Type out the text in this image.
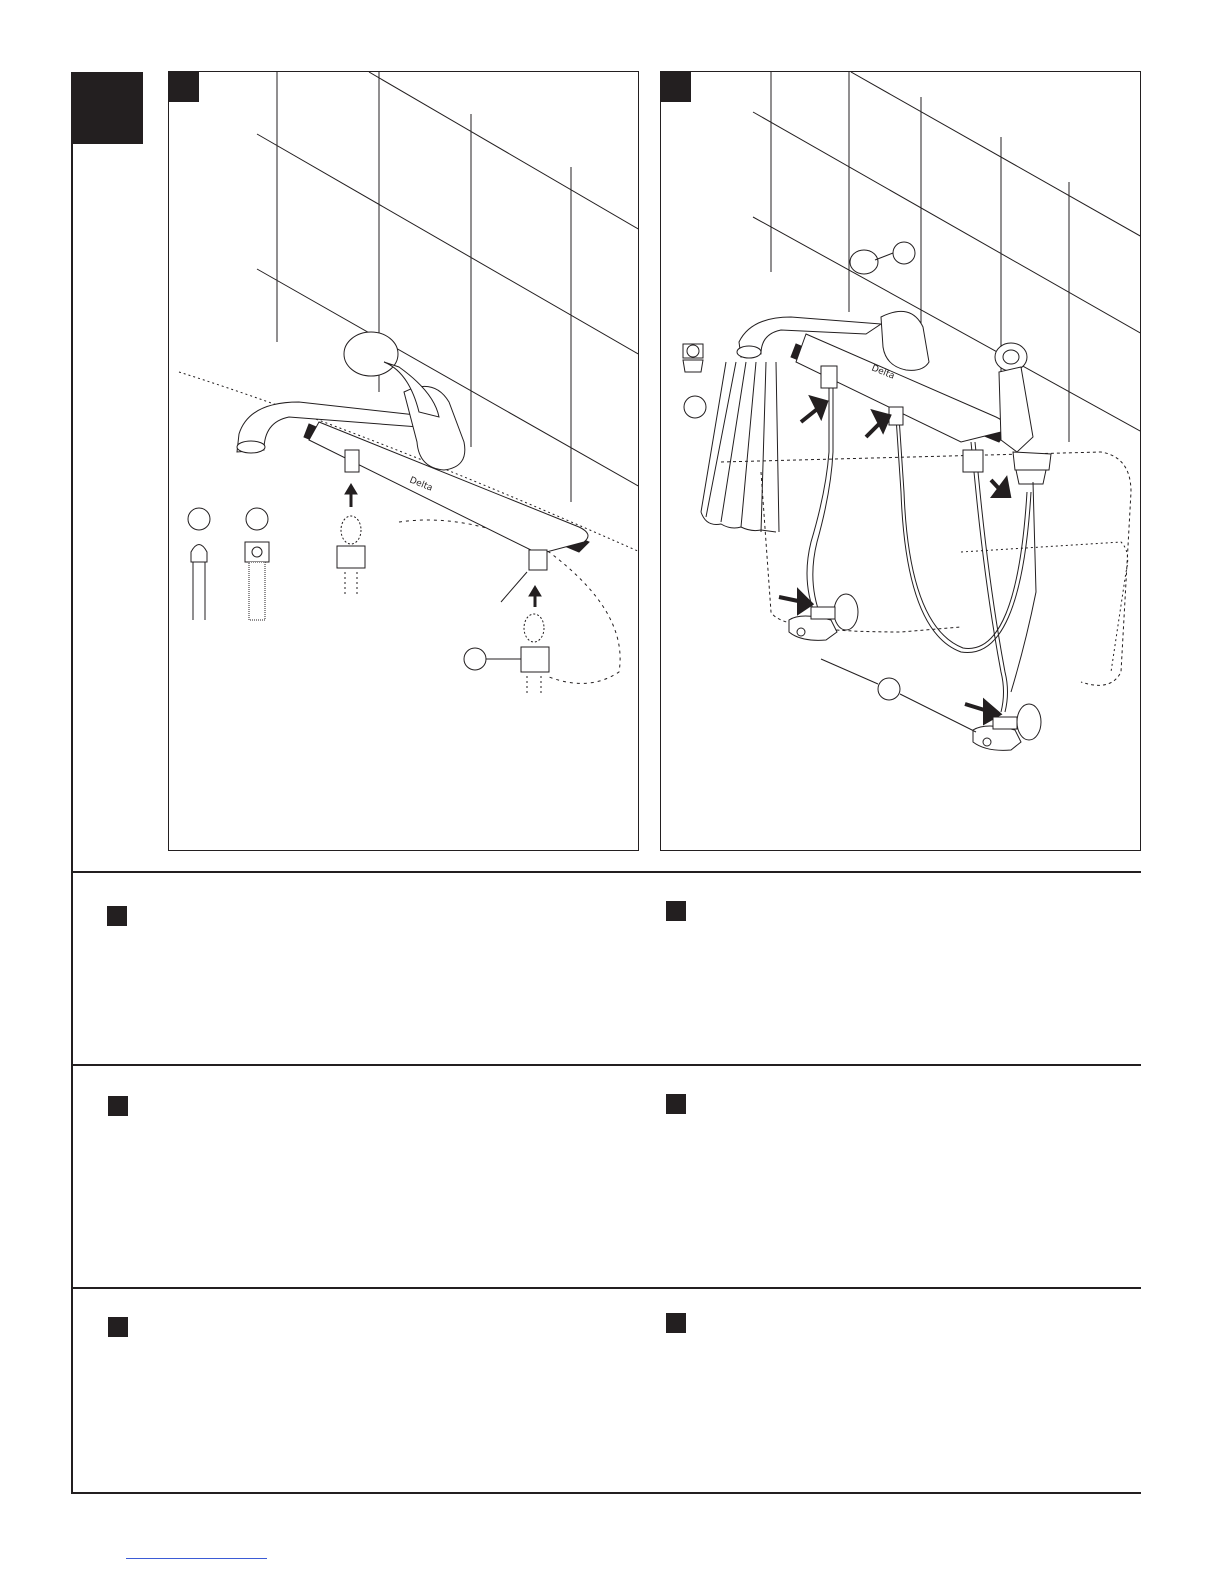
Delta
Delta
